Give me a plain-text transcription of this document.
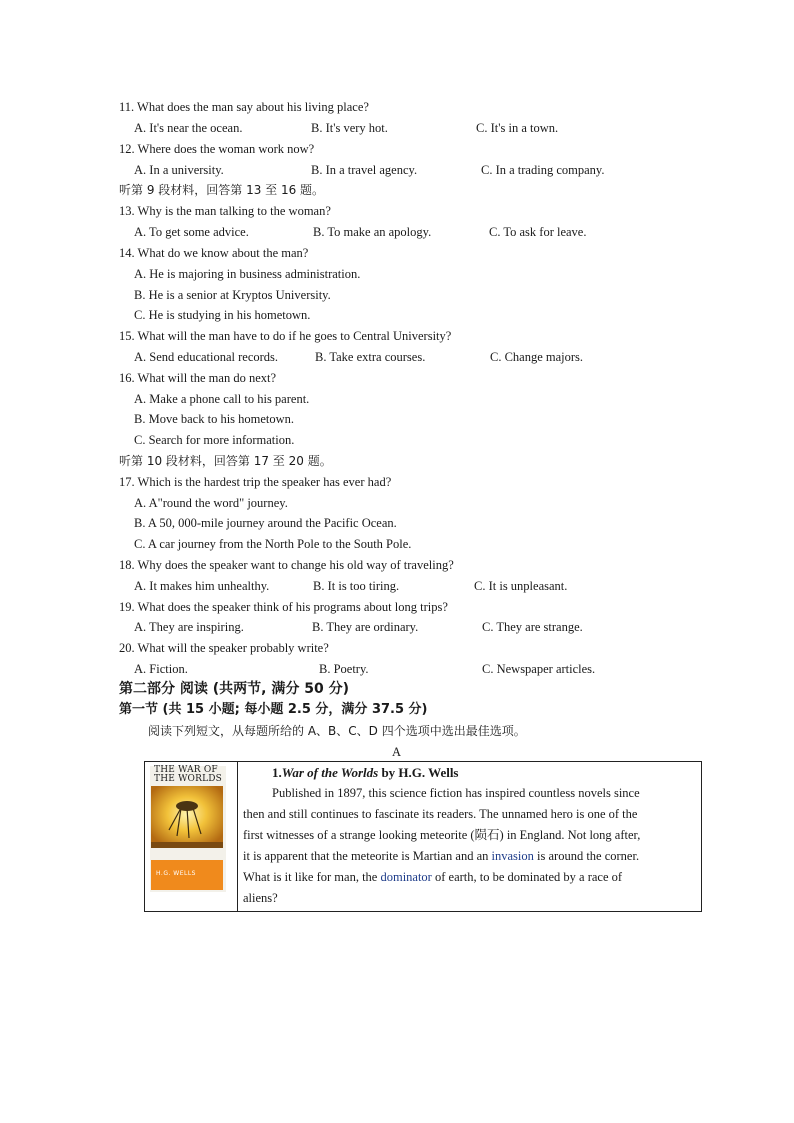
11. What does the man say about his living place?
A. It's near the ocean.	B. It's very hot.	C. It's in a town.
12. Where does the woman work now?
A. In a university.	B. In a travel agency.	C. In a trading company.
听第 9 段材料，回答第 13 至 16 题。
13. Why is the man talking to the woman?
A. To get some advice.	B. To make an apology.	C. To ask for leave.
14. What do we know about the man?
A. He is majoring in business administration.
B. He is a senior at Kryptos University.
C. He is studying in his hometown.
15. What will the man have to do if he goes to Central University?
A. Send educational records.	B. Take extra courses.	C. Change majors.
16. What will the man do next?
A. Make a phone call to his parent.
B. Move back to his hometown.
C. Search for more information.
听第 10 段材料，回答第 17 至 20 题。
17. Which is the hardest trip the speaker has ever had?
A. A"round the word" journey.
B. A 50, 000-mile journey around the Pacific Ocean.
C. A car journey from the North Pole to the South Pole.
18. Why does the speaker want to change his old way of traveling?
A. It makes him unhealthy.	B. It is too tiring.	C. It is unpleasant.
19. What does the speaker think of his programs about long trips?
A. They are inspiring.	B. They are ordinary.	C. They are strange.
20. What will the speaker probably write?
A. Fiction.	B. Poetry.	C. Newspaper articles.
第二部分 阅读 (共两节, 满分 50 分)
第一节 (共 15 小题; 每小题 2.5 分，满分 37.5 分)
阅读下列短文，从每题所给的 A、B、C、D 四个选项中选出最佳选项。
A
THE WAR OF
THE WORLDS
H.G. WELLS
1.War of the Worlds by H.G. Wells
Published in 1897, this science fiction has inspired countless novels since
then and still continues to fascinate its readers. The unnamed hero is one of the
first witnesses of a strange looking meteorite (陨石) in England. Not long after,
it is apparent that the meteorite is Martian and an invasion is around the corner.
What is it like for man, the dominator of earth, to be dominated by a race of
aliens?
